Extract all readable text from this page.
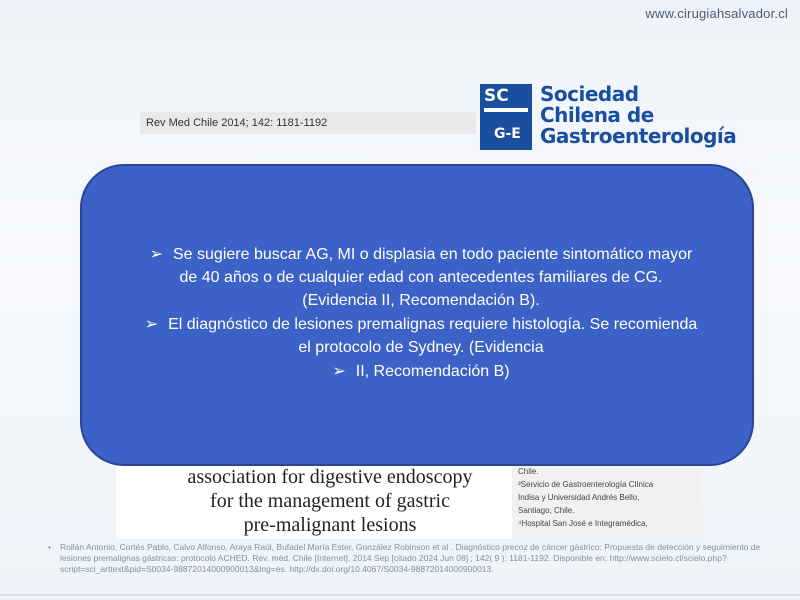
www.cirugiahsalvador.cl
SC
G-E
Sociedad
Chilena de
Gastroenterología
Rev Med Chile 2014; 142: 1181-1192
association for digestive endoscopy
for the management of gastric
pre-malignant lesions
Chile.
³Servicio de Gastroenterología Clínica
Indisa y Universidad Andrés Bello,
Santiago, Chile.
⁴Hospital San José e Integramédica,

➢ Se sugiere buscar AG, MI o displasia en todo paciente sintomático mayor

de 40 años o de cualquier edad con antecedentes familiares de CG.

(Evidencia II, Recomendación B).

➢ El diagnóstico de lesiones premalignas requiere histología. Se recomienda

el protocolo de Sydney. (Evidencia

➢ II, Recomendación B)

• Rollán Antonio, Cortés Pablo, Calvo Alfonso, Araya Raúl, Bufadel María Ester, González Robinson et al . Diagnóstico precoz de cáncer gástrico: Propuesta de detección y seguimiento de lesiones premalignas gástricas: protocolo ACHED. Rev. méd. Chile [Internet]. 2014 Sep [citado 2024 Jun 08] ; 142( 9 ): 1181-1192. Disponible en: http://www.scielo.cl/scielo.php?script=sci_arttext&pid=S0034-98872014000900013&lng=es. http://dx.doi.org/10.4067/S0034-98872014000900013.
